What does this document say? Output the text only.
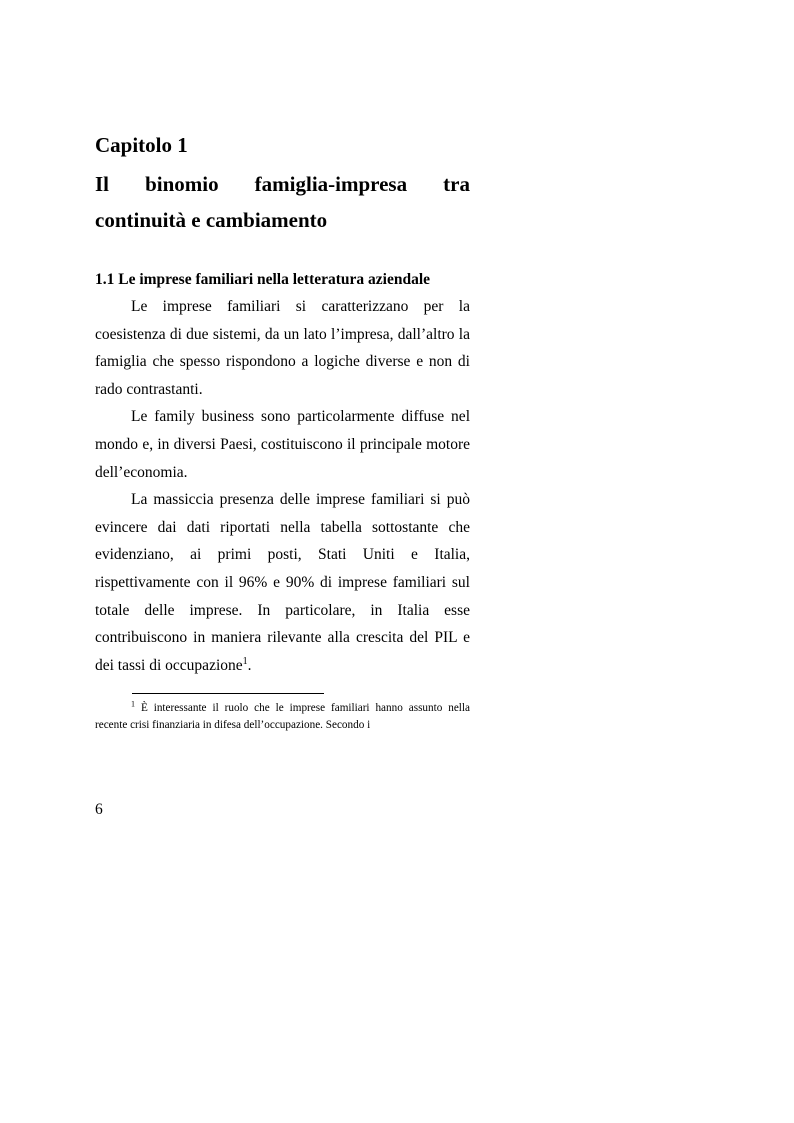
Capitolo 1
Il binomio famiglia-impresa tra
continuità e cambiamento
1.1 Le imprese familiari nella letteratura aziendale

Le imprese familiari si caratterizzano per la coesistenza di due sistemi, da un lato l’impresa, dall’altro la famiglia che spesso rispondono a logiche diverse e non di rado contrastanti.

Le family business sono particolarmente diffuse nel mondo e, in diversi Paesi, costituiscono il principale motore dell’economia.

La massiccia presenza delle imprese familiari si può evincere dai dati riportati nella tabella sottostante che evidenziano, ai primi posti, Stati Uniti e Italia, rispettivamente con il 96% e 90% di imprese familiari sul totale delle imprese. In particolare, in Italia esse contribuiscono in maniera rilevante alla crescita del PIL e dei tassi di occupazione$^1$.

$^1$ È interessante il ruolo che le imprese familiari hanno assunto nella recente crisi finanziaria in difesa dell’occupazione. Secondo i

6
